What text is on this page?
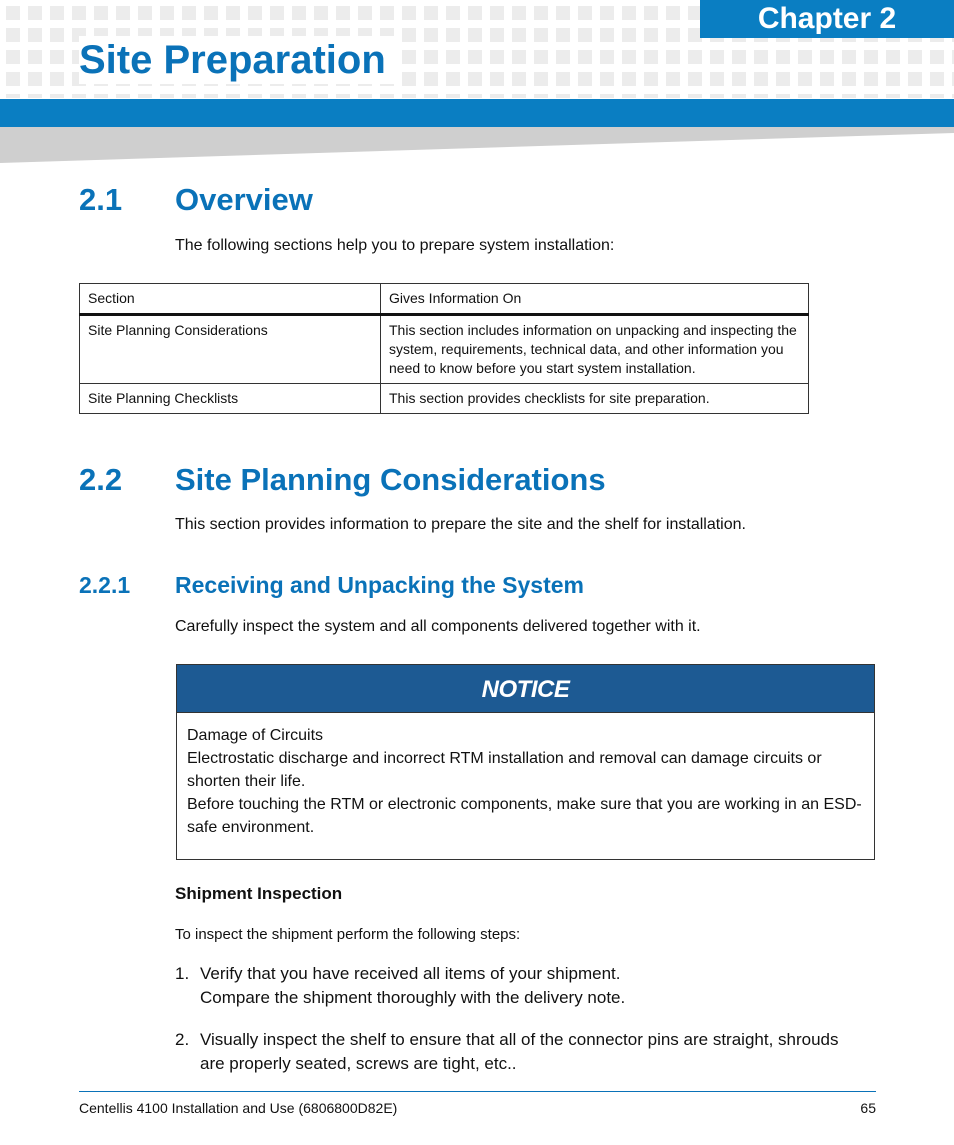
Chapter 2
Site Preparation
2.1 Overview
The following sections help you to prepare system installation:
Section	Gives Information On
Site Planning Considerations	This section includes information on unpacking and inspecting the system, requirements, technical data, and other information you need to know before you start system installation.
Site Planning Checklists	This section provides checklists for site preparation.
2.2 Site Planning Considerations
This section provides information to prepare the site and the shelf for installation.
2.2.1 Receiving and Unpacking the System
Carefully inspect the system and all components delivered together with it.
NOTICE
Damage of Circuits
Electrostatic discharge and incorrect RTM installation and removal can damage circuits or shorten their life.
Before touching the RTM or electronic components, make sure that you are working in an ESD-safe environment.
Shipment Inspection
To inspect the shipment perform the following steps:
1. Verify that you have received all items of your shipment.
Compare the shipment thoroughly with the delivery note.
2. Visually inspect the shelf to ensure that all of the connector pins are straight, shrouds are properly seated, screws are tight, etc..
Centellis 4100 Installation and Use (6806800D82E)	65
